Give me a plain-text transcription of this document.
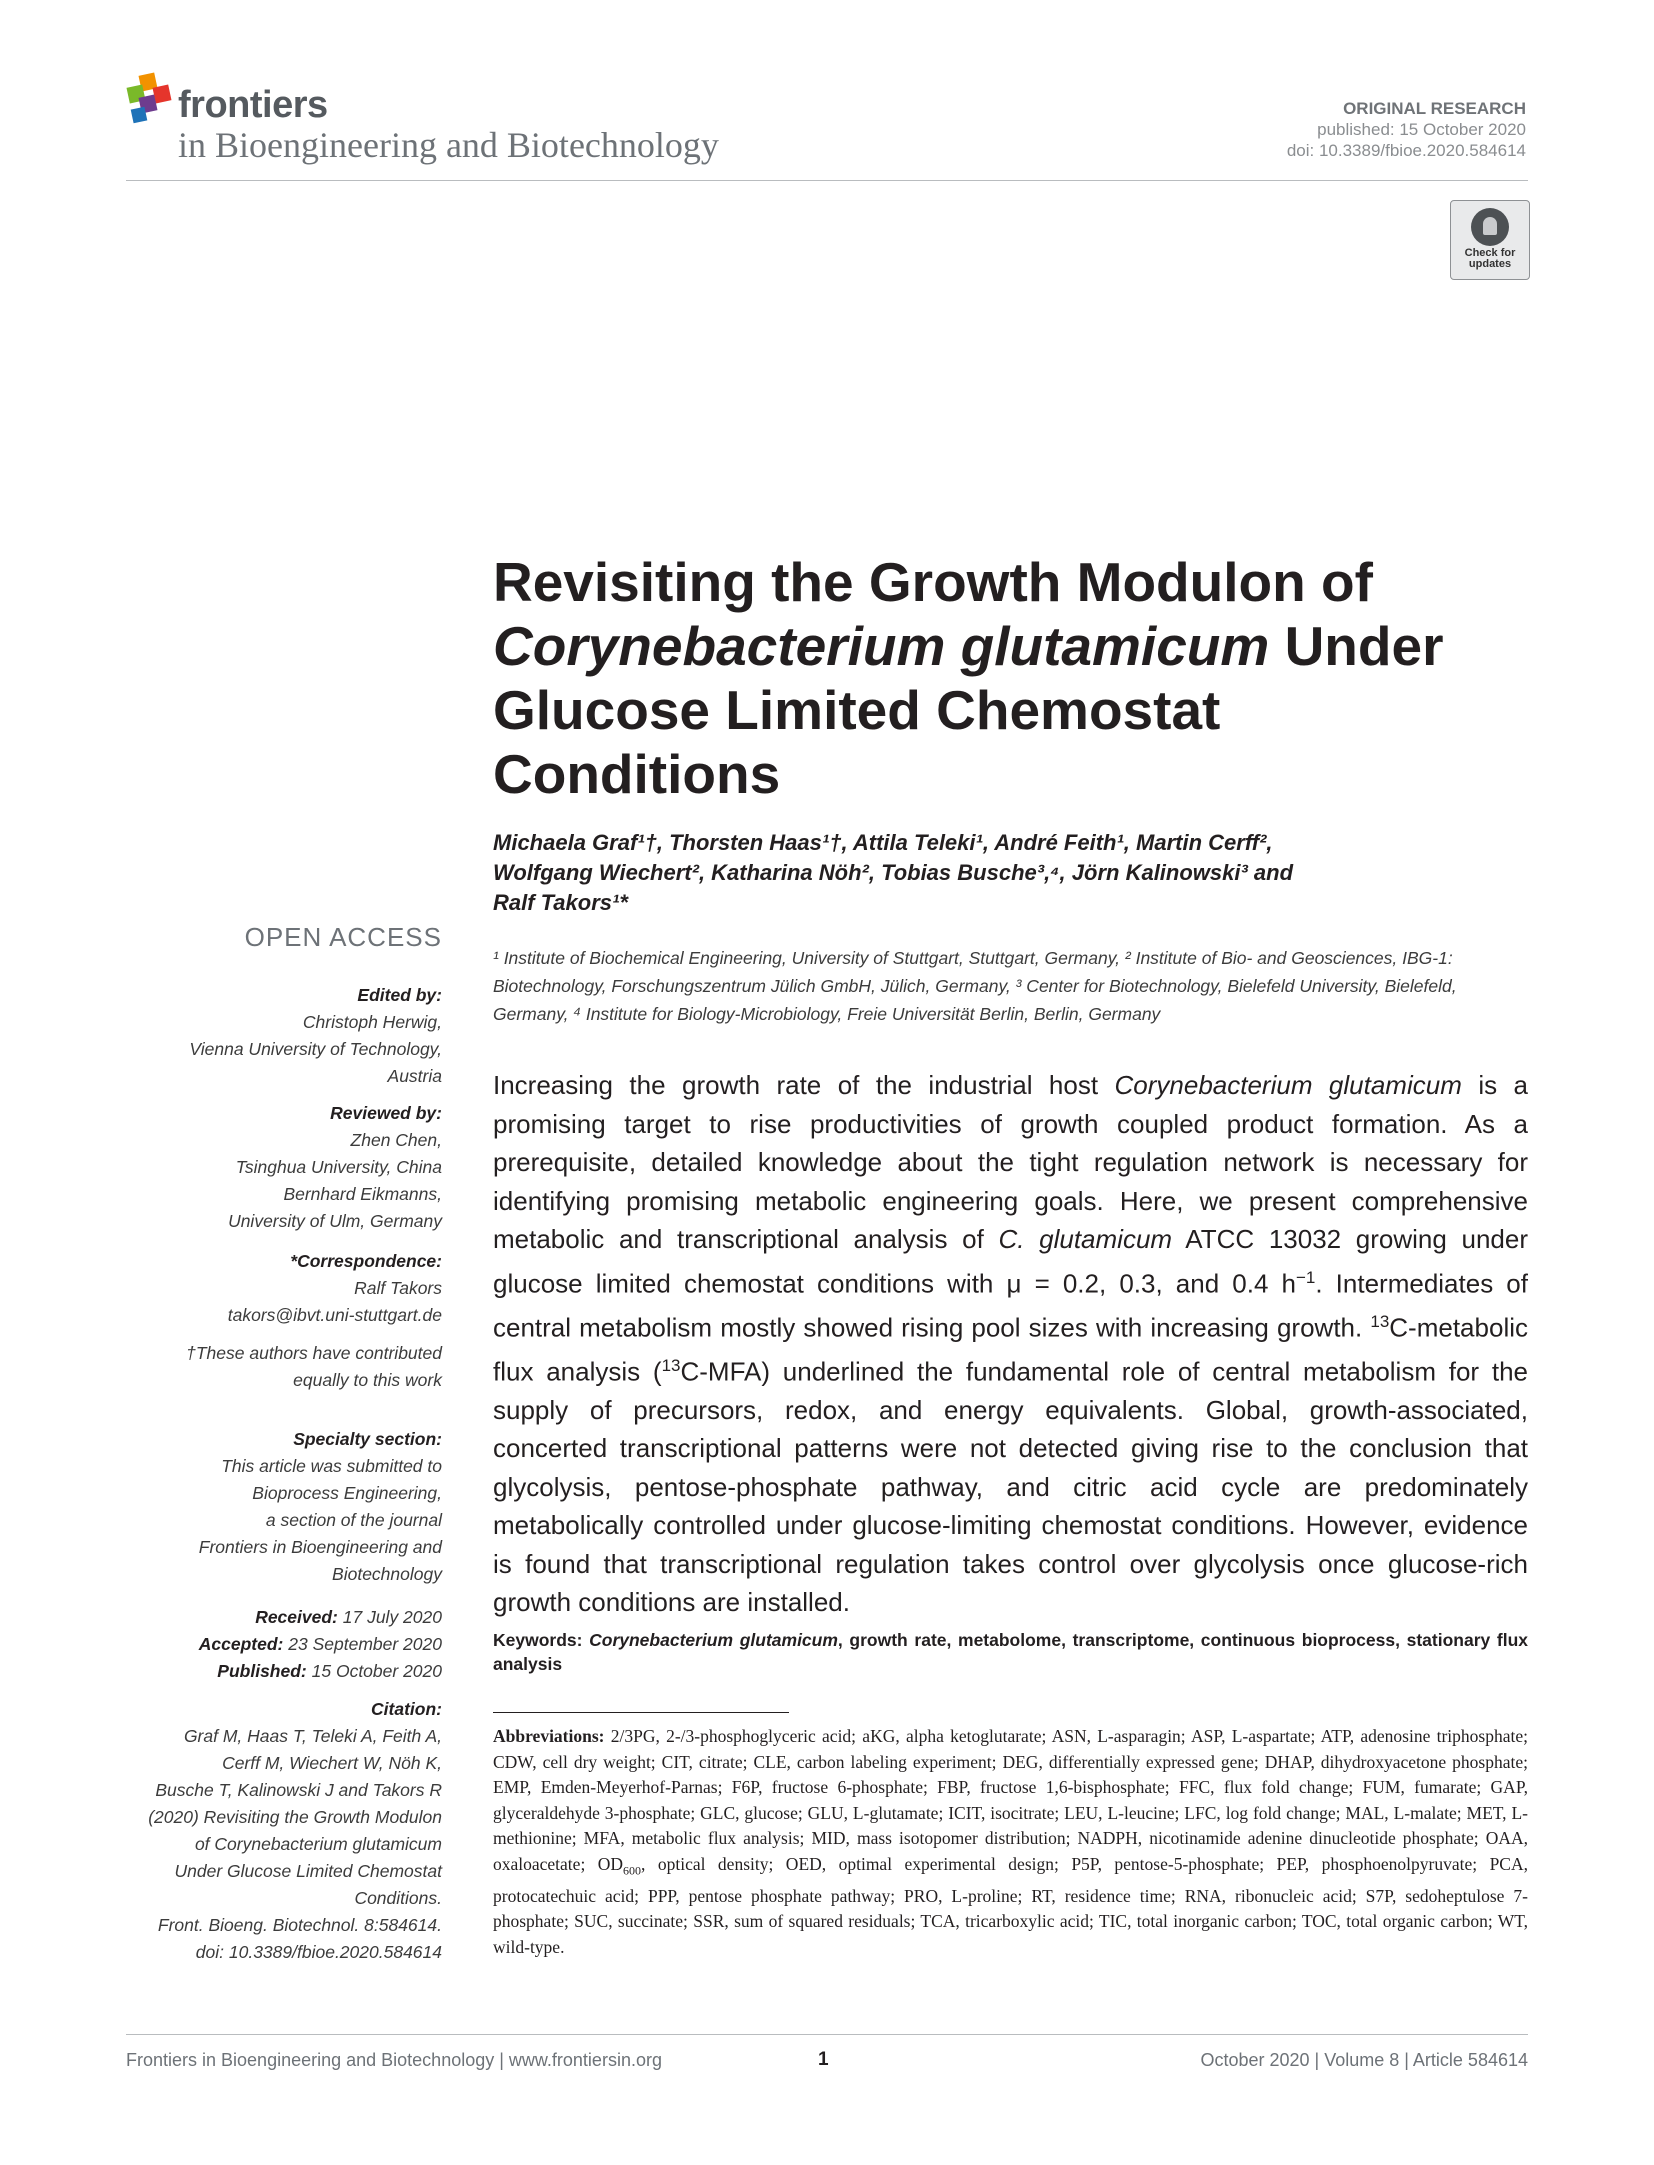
frontiers
in Bioengineering and Biotechnology
ORIGINAL RESEARCH
published: 15 October 2020
doi: 10.3389/fbioe.2020.584614
Check for
updates
Revisiting the Growth Modulon of
Corynebacterium glutamicum Under
Glucose Limited Chemostat
Conditions
Michaela Graf¹†, Thorsten Haas¹†, Attila Teleki¹, André Feith¹, Martin Cerff²,
Wolfgang Wiechert², Katharina Nöh², Tobias Busche³,⁴, Jörn Kalinowski³ and
Ralf Takors¹*
¹ Institute of Biochemical Engineering, University of Stuttgart, Stuttgart, Germany, ² Institute of Bio- and Geosciences, IBG-1:
Biotechnology, Forschungszentrum Jülich GmbH, Jülich, Germany, ³ Center for Biotechnology, Bielefeld University, Bielefeld,
Germany, ⁴ Institute for Biology-Microbiology, Freie Universität Berlin, Berlin, Germany
OPEN ACCESS
Edited by:
Christoph Herwig,
Vienna University of Technology,
Austria
Reviewed by:
Zhen Chen,
Tsinghua University, China
Bernhard Eikmanns,
University of Ulm, Germany
*Correspondence:
Ralf Takors
takors@ibvt.uni-stuttgart.de
†These authors have contributed
equally to this work
Specialty section:
This article was submitted to
Bioprocess Engineering,
a section of the journal
Frontiers in Bioengineering and
Biotechnology
Received: 17 July 2020
Accepted: 23 September 2020
Published: 15 October 2020
Citation:
Graf M, Haas T, Teleki A, Feith A,
Cerff M, Wiechert W, Nöh K,
Busche T, Kalinowski J and Takors R
(2020) Revisiting the Growth Modulon
of Corynebacterium glutamicum
Under Glucose Limited Chemostat
Conditions.
Front. Bioeng. Biotechnol. 8:584614.
doi: 10.3389/fbioe.2020.584614
Increasing the growth rate of the industrial host Corynebacterium glutamicum is a promising target to rise productivities of growth coupled product formation. As a prerequisite, detailed knowledge about the tight regulation network is necessary for identifying promising metabolic engineering goals. Here, we present comprehensive metabolic and transcriptional analysis of C. glutamicum ATCC 13032 growing under glucose limited chemostat conditions with μ = 0.2, 0.3, and 0.4 $h^{-1}$. Intermediates of central metabolism mostly showed rising pool sizes with increasing growth. $^{13}$C-metabolic flux analysis ($^{13}$C-MFA) underlined the fundamental role of central metabolism for the supply of precursors, redox, and energy equivalents. Global, growth-associated, concerted transcriptional patterns were not detected giving rise to the conclusion that glycolysis, pentose-phosphate pathway, and citric acid cycle are predominately metabolically controlled under glucose-limiting chemostat conditions. However, evidence is found that transcriptional regulation takes control over glycolysis once glucose-rich growth conditions are installed.
Keywords: Corynebacterium glutamicum, growth rate, metabolome, transcriptome, continuous bioprocess, stationary flux analysis
Abbreviations: 2/3PG, 2-/3-phosphoglyceric acid; aKG, alpha ketoglutarate; ASN, L-asparagin; ASP, L-aspartate; ATP, adenosine triphosphate; CDW, cell dry weight; CIT, citrate; CLE, carbon labeling experiment; DEG, differentially expressed gene; DHAP, dihydroxyacetone phosphate; EMP, Emden-Meyerhof-Parnas; F6P, fructose 6-phosphate; FBP, fructose 1,6-bisphosphate; FFC, flux fold change; FUM, fumarate; GAP, glyceraldehyde 3-phosphate; GLC, glucose; GLU, L-glutamate; ICIT, isocitrate; LEU, L-leucine; LFC, log fold change; MAL, L-malate; MET, L-methionine; MFA, metabolic flux analysis; MID, mass isotopomer distribution; NADPH, nicotinamide adenine dinucleotide phosphate; OAA, oxaloacetate; $OD_{600}$, optical density; OED, optimal experimental design; P5P, pentose-5-phosphate; PEP, phosphoenolpyruvate; PCA, protocatechuic acid; PPP, pentose phosphate pathway; PRO, L-proline; RT, residence time; RNA, ribonucleic acid; S7P, sedoheptulose 7-phosphate; SUC, succinate; SSR, sum of squared residuals; TCA, tricarboxylic acid; TIC, total inorganic carbon; TOC, total organic carbon; WT, wild-type.
Frontiers in Bioengineering and Biotechnology | www.frontiersin.org	1	October 2020 | Volume 8 | Article 584614
